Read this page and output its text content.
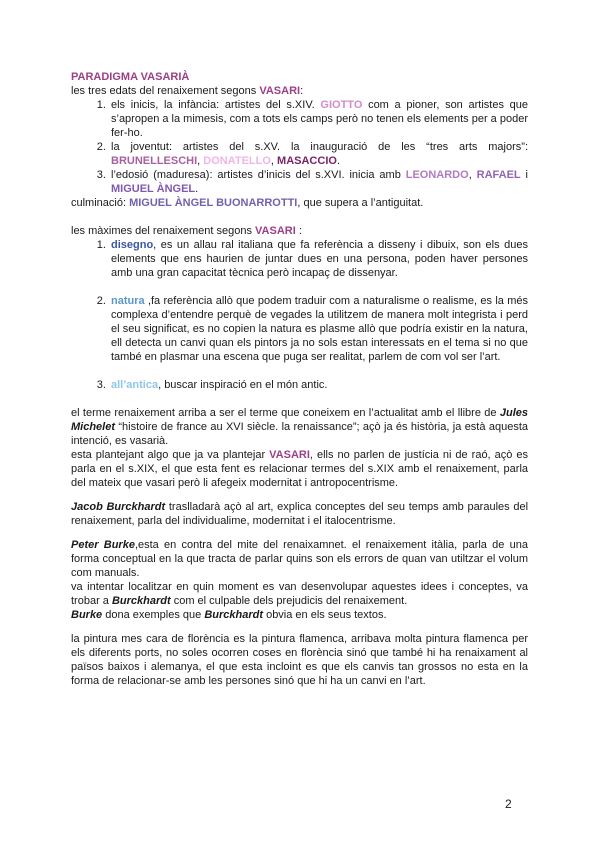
PARADIGMA VASARIÀ

les tres edats del renaixement segons VASARI:

1. els inicis, la infància: artistes del s.XIV. GIOTTO com a pioner, son artistes que s’apropen a la mimesis, com a tots els camps però no tenen els elements per a poder fer-ho.
2. la joventut: artistes del s.XV. la inauguració de les “tres arts majors”: BRUNELLESCHI, DONATELLO, MASACCIO.
3. l’edosió (maduresa): artistes d’inicis del s.XVI. inicia amb LEONARDO, RAFAEL i MIGUEL ÀNGEL.

culminació: MIGUEL ÀNGEL BUONARROTTI, que supera a l’antiguitat.

les màximes del renaixement segons VASARI :

1. disegno, es un allau ral italiana que fa referència a disseny i dibuix, son els dues elements que ens haurien de juntar dues en una persona, poden haver persones amb una gran capacitat tècnica però incapaç de dissenyar.
2. natura ,fa referència allò que podem traduir com a naturalisme o realisme, es la més complexa d’entendre perquè de vegades la utilitzem de manera molt integrista i perd el seu significat, es no copien la natura es plasme allò que podría existir en la natura, ell detecta un canvi quan els pintors ja no sols estan interessats en el tema si no que també en plasmar una escena que puga ser realitat, parlem de com vol ser l’art.
3. all’antica, buscar inspiració en el món antic.

el terme renaixement arriba a ser el terme que coneixem en l’actualitat amb el llibre de Jules Michelet “histoire de france au XVI siècle. la renaissance”; açò ja és història, ja està aquesta intenció, es vasarià.

esta plantejant algo que ja va plantejar VASARI, ells no parlen de justícia ni de raó, açò es parla en el s.XIX, el que esta fent es relacionar termes del s.XIX amb el renaixement, parla del mateix que vasari però li afegeix modernitat i antropocentrisme.

Jacob Burckhardt traslladarà açò al art, explica conceptes del seu temps amb paraules del renaixement, parla del individualime, modernitat i el italocentrisme.

Peter Burke,esta en contra del mite del renaixamnet. el renaixement itàlia, parla de una forma conceptual en la que tracta de parlar quins son els errors de quan van utiltzar el volum com manuals.

va intentar localitzar en quin moment es van desenvolupar aquestes idees i conceptes, va trobar a Burckhardt com el culpable dels prejudicis del renaixement.

Burke dona exemples que Burckhardt obvia en els seus textos.

la pintura mes cara de florència es la pintura flamenca, arribava molta pintura flamenca per els diferents ports, no soles ocorren coses en florència sinó que també hi ha renaixament al països baixos i alemanya, el que esta incloint es que els canvis tan grossos no esta en la forma de relacionar-se amb les persones sinó que hi ha un canvi en l’art.

2
